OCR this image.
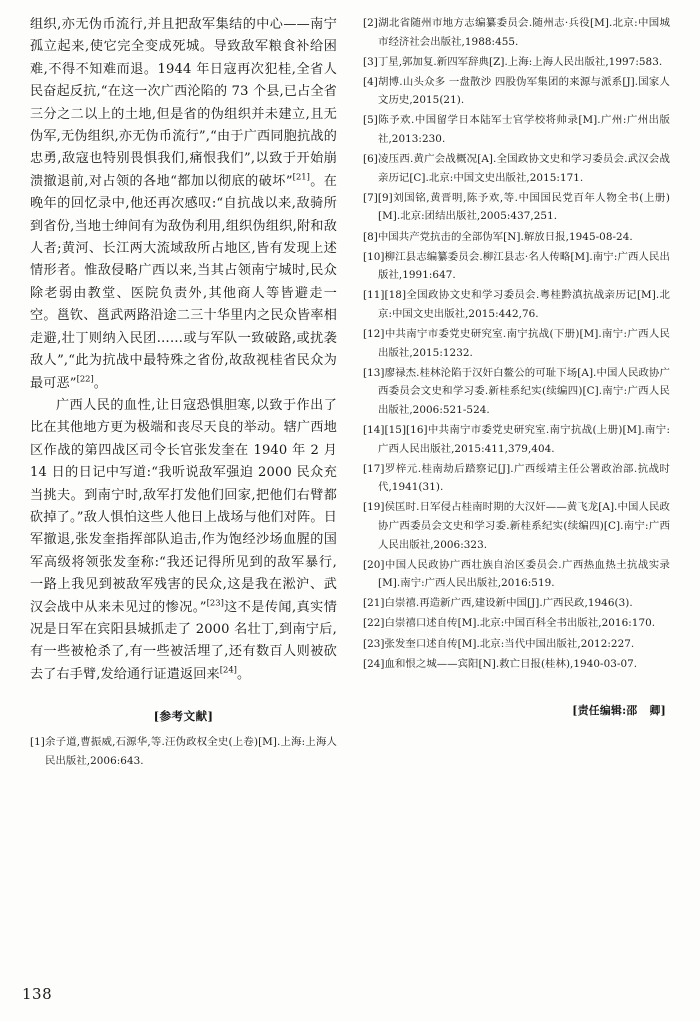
组织,亦无伪币流行,并且把敌军集结的中心——南宁孤立起来,使它完全变成死城。导致敌军粮食补给困难,不得不知难而退。1944 年日寇再次犯桂,全省人民奋起反抗,“在这一次广西沦陷的 73 个县,已占全省三分之二以上的土地,但是省的伪组织并未建立,且无伪军,无伪组织,亦无伪币流行”,“由于广西同胞抗战的忠勇,敌寇也特别畏惧我们,痛恨我们”,以致于开始崩溃撤退前,对占领的各地“都加以彻底的破坏”[21]。在晚年的回忆录中,他还再次感叹:“自抗战以来,敌骑所到省份,当地士绅间有为敌伪利用,组织伪组织,附和敌人者;黄河、长江两大流域敌所占地区,皆有发现上述情形者。惟敌侵略广西以来,当其占领南宁城时,民众除老弱由教堂、医院负责外,其他商人等皆避走一空。邕钦、邕武两路沿途二三十华里内之民众皆率相走避,壮丁则纳入民团……或与军队一致破路,或扰袭敌人”,“此为抗战中最特殊之省份,故敌视桂省民众为最可恶”[22]。

广西人民的血性,让日寇恐惧胆寒,以致于作出了比在其他地方更为极端和丧尽天良的举动。辖广西地区作战的第四战区司令长官张发奎在 1940 年 2 月 14 日的日记中写道:“我听说敌军强迫 2000 民众充当挑夫。到南宁时,敌军打发他们回家,把他们右臂都砍掉了。”敌人惧怕这些人他日上战场与他们对阵。日军撤退,张发奎指挥部队追击,作为饱经沙场血腥的国军高级将领张发奎称:“我还记得所见到的敌军暴行,一路上我见到被敌军残害的民众,这是我在淞沪、武汉会战中从来未见过的惨况。”[23]这不是传闻,真实情况是日军在宾阳县城抓走了 2000 名壮丁,到南宁后,有一些被枪杀了,有一些被活埋了,还有数百人则被砍去了右手臂,发给通行证遣返回来[24]。

[参考文献]
[1]余子道,曹振威,石源华,等.汪伪政权全史(上卷)[M].上海:上海人民出版社,2006:643.
[2]湖北省随州市地方志编纂委员会.随州志·兵役[M].北京:中国城市经济社会出版社,1988:455.
[3]丁星,郭加复.新四军辞典[Z].上海:上海人民出版社,1997:583.
[4]胡博.山头众多 一盘散沙 四股伪军集团的来源与派系[J].国家人文历史,2015(21).
[5]陈予欢.中国留学日本陆军士官学校将帅录[M].广州:广州出版社,2013:230.
[6]凌压西.黄广会战概况[A].全国政协文史和学习委员会.武汉会战亲历记[C].北京:中国文史出版社,2015:171.
[7][9]刘国铭,黄晋明,陈予欢,等.中国国民党百年人物全书(上册)[M].北京:团结出版社,2005:437,251.
[8]中国共产党抗击的全部伪军[N].解放日报,1945-08-24.
[10]柳江县志编纂委员会.柳江县志·名人传略[M].南宁:广西人民出版社,1991:647.
[11][18]全国政协文史和学习委员会.粤桂黔滇抗战亲历记[M].北京:中国文史出版社,2015:442,76.
[12]中共南宁市委党史研究室.南宁抗战(下册)[M].南宁:广西人民出版社,2015:1232.
[13]廖禄杰.桂林沦陷于汉奸白鳌公的可耻下场[A].中国人民政协广西委员会文史和学习委.新桂系纪实(续编四)[C].南宁:广西人民出版社,2006:521-524.
[14][15][16]中共南宁市委党史研究室.南宁抗战(上册)[M].南宁:广西人民出版社,2015:411,379,404.
[17]罗梓元.桂南劫后踏察记[J].广西绥靖主任公署政治部.抗战时代,1941(31).
[19]侯匡时.日军侵占桂南时期的大汉奸——黄飞龙[A].中国人民政协广西委员会文史和学习委.新桂系纪实(续编四)[C].南宁:广西人民出版社,2006:323.
[20]中国人民政协广西壮族自治区委员会.广西热血热土抗战实录[M].南宁:广西人民出版社,2016:519.
[21]白崇禧.再造新广西,建设新中国[J].广西民政,1946(3).
[22]白崇禧口述自传[M].北京:中国百科全书出版社,2016:170.
[23]张发奎口述自传[M].北京:当代中国出版社,2012:227.
[24]血和恨之城——宾阳[N].救亡日报(桂林),1940-03-07.
[责任编辑:邵 卿]
138
